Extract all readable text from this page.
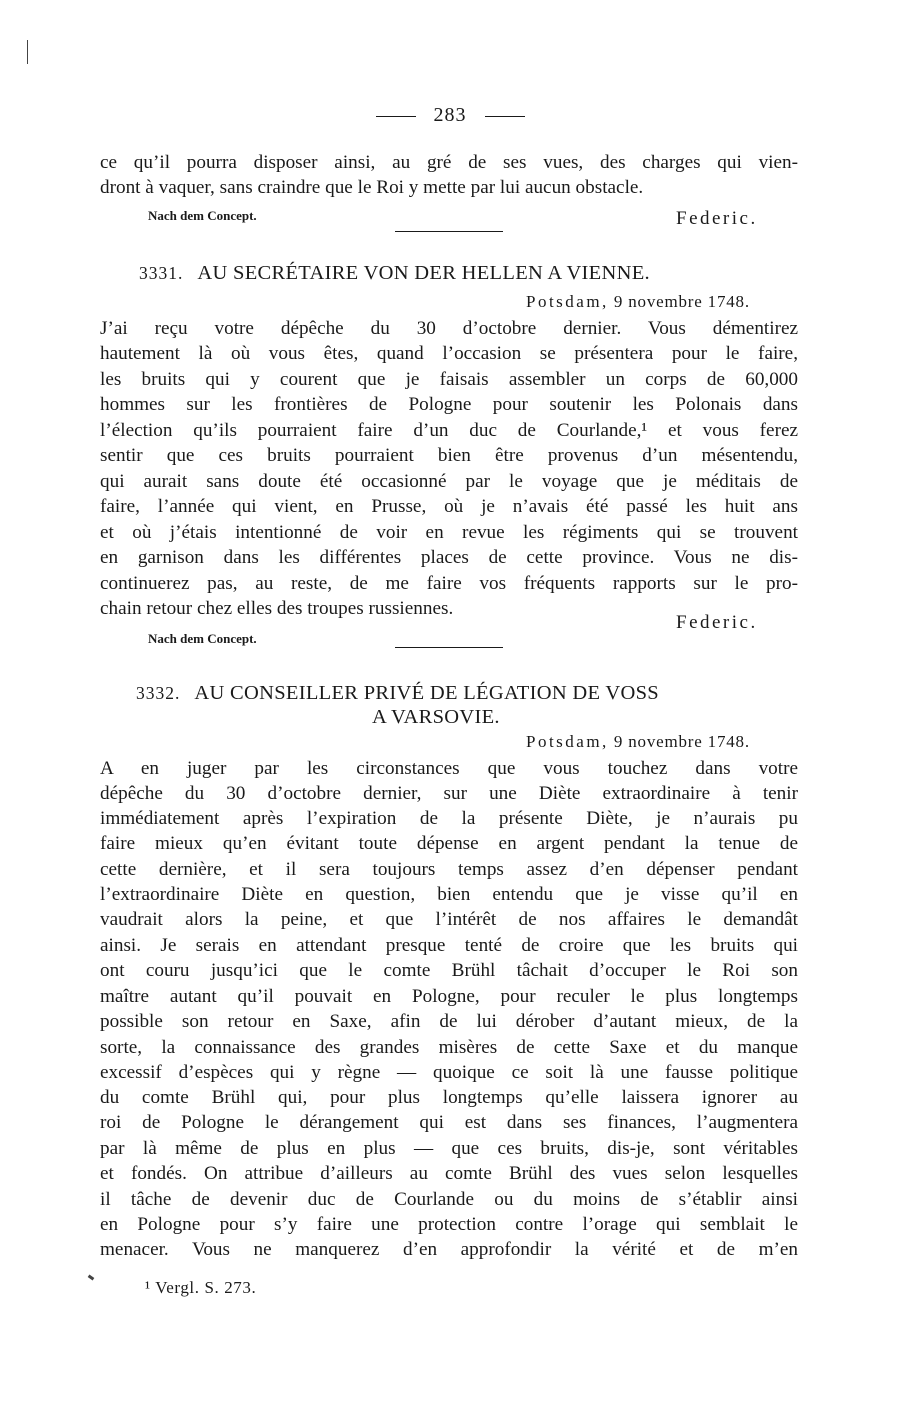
283
ce qu’il pourra disposer ainsi, au gré de ses vues, des charges qui vien-
dront à vaquer, sans craindre que le Roi y mette par lui aucun obstacle.
Nach dem Concept.	Federic.
3331. AU SECRÉTAIRE VON DER HELLEN A VIENNE.
Potsdam, 9 novembre 1748.
J’ai reçu votre dépêche du 30 d’octobre dernier. Vous démentirez
hautement là où vous êtes, quand l’occasion se présentera pour le faire,
les bruits qui y courent que je faisais assembler un corps de 60,000
hommes sur les frontières de Pologne pour soutenir les Polonais dans
l’élection qu’ils pourraient faire d’un duc de Courlande,¹ et vous ferez
sentir que ces bruits pourraient bien être provenus d’un mésentendu,
qui aurait sans doute été occasionné par le voyage que je méditais de
faire, l’année qui vient, en Prusse, où je n’avais été passé les huit ans
et où j’étais intentionné de voir en revue les régiments qui se trouvent
en garnison dans les différentes places de cette province. Vous ne dis-
continuerez pas, au reste, de me faire vos fréquents rapports sur le pro-
chain retour chez elles des troupes russiennes.
Nach dem Concept.
Federic.
3332. AU CONSEILLER PRIVÉ DE LÉGATION DE VOSS
A VARSOVIE.
Potsdam, 9 novembre 1748.
A en juger par les circonstances que vous touchez dans votre
dépêche du 30 d’octobre dernier, sur une Diète extraordinaire à tenir
immédiatement après l’expiration de la présente Diète, je n’aurais pu
faire mieux qu’en évitant toute dépense en argent pendant la tenue de
cette dernière, et il sera toujours temps assez d’en dépenser pendant
l’extraordinaire Diète en question, bien entendu que je visse qu’il en
vaudrait alors la peine, et que l’intérêt de nos affaires le demandât
ainsi. Je serais en attendant presque tenté de croire que les bruits qui
ont couru jusqu’ici que le comte Brühl tâchait d’occuper le Roi son
maître autant qu’il pouvait en Pologne, pour reculer le plus longtemps
possible son retour en Saxe, afin de lui dérober d’autant mieux, de la
sorte, la connaissance des grandes misères de cette Saxe et du manque
excessif d’espèces qui y règne — quoique ce soit là une fausse politique
du comte Brühl qui, pour plus longtemps qu’elle laissera ignorer au
roi de Pologne le dérangement qui est dans ses finances, l’augmentera
par là même de plus en plus — que ces bruits, dis-je, sont véritables
et fondés. On attribue d’ailleurs au comte Brühl des vues selon lesquelles
il tâche de devenir duc de Courlande ou du moins de s’établir ainsi
en Pologne pour s’y faire une protection contre l’orage qui semblait le
menacer. Vous ne manquerez d’en approfondir la vérité et de m’en
¹ Vergl. S. 273.
